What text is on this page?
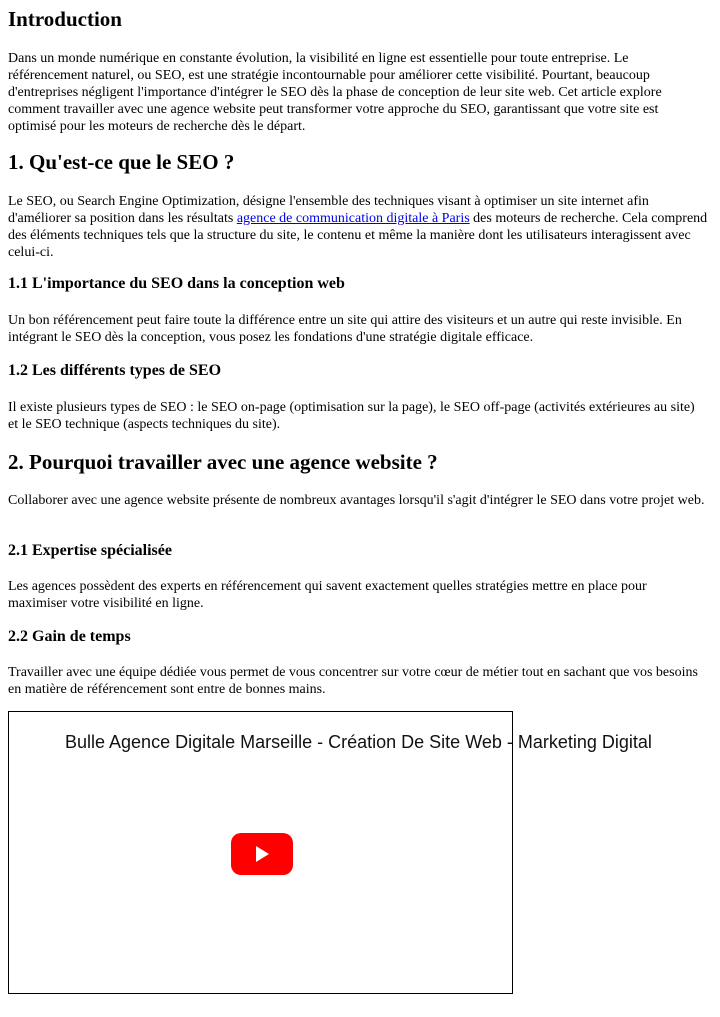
Introduction

Dans un monde numérique en constante évolution, la visibilité en ligne est essentielle pour toute entreprise. Le référencement naturel, ou SEO, est une stratégie incontournable pour améliorer cette visibilité. Pourtant, beaucoup d'entreprises négligent l'importance d'intégrer le SEO dès la phase de conception de leur site web. Cet article explore comment travailler avec une agence website peut transformer votre approche du SEO, garantissant que votre site est optimisé pour les moteurs de recherche dès le départ.

1. Qu'est-ce que le SEO ?

Le SEO, ou Search Engine Optimization, désigne l'ensemble des techniques visant à optimiser un site internet afin d'améliorer sa position dans les résultats agence de communication digitale à Paris des moteurs de recherche. Cela comprend des éléments techniques tels que la structure du site, le contenu et même la manière dont les utilisateurs interagissent avec celui-ci.

1.1 L'importance du SEO dans la conception web

Un bon référencement peut faire toute la différence entre un site qui attire des visiteurs et un autre qui reste invisible. En intégrant le SEO dès la conception, vous posez les fondations d'une stratégie digitale efficace.

1.2 Les différents types de SEO

Il existe plusieurs types de SEO : le SEO on-page (optimisation sur la page), le SEO off-page (activités extérieures au site) et le SEO technique (aspects techniques du site).

2. Pourquoi travailler avec une agence website ?

Collaborer avec une agence website présente de nombreux avantages lorsqu'il s'agit d'intégrer le SEO dans votre projet web.

2.1 Expertise spécialisée

Les agences possèdent des experts en référencement qui savent exactement quelles stratégies mettre en place pour maximiser votre visibilité en ligne.

2.2 Gain de temps

Travailler avec une équipe dédiée vous permet de vous concentrer sur votre cœur de métier tout en sachant que vos besoins en matière de référencement sont entre de bonnes mains.

Bulle Agence Digitale Marseille - Création De Site Web - Marketing Digital
